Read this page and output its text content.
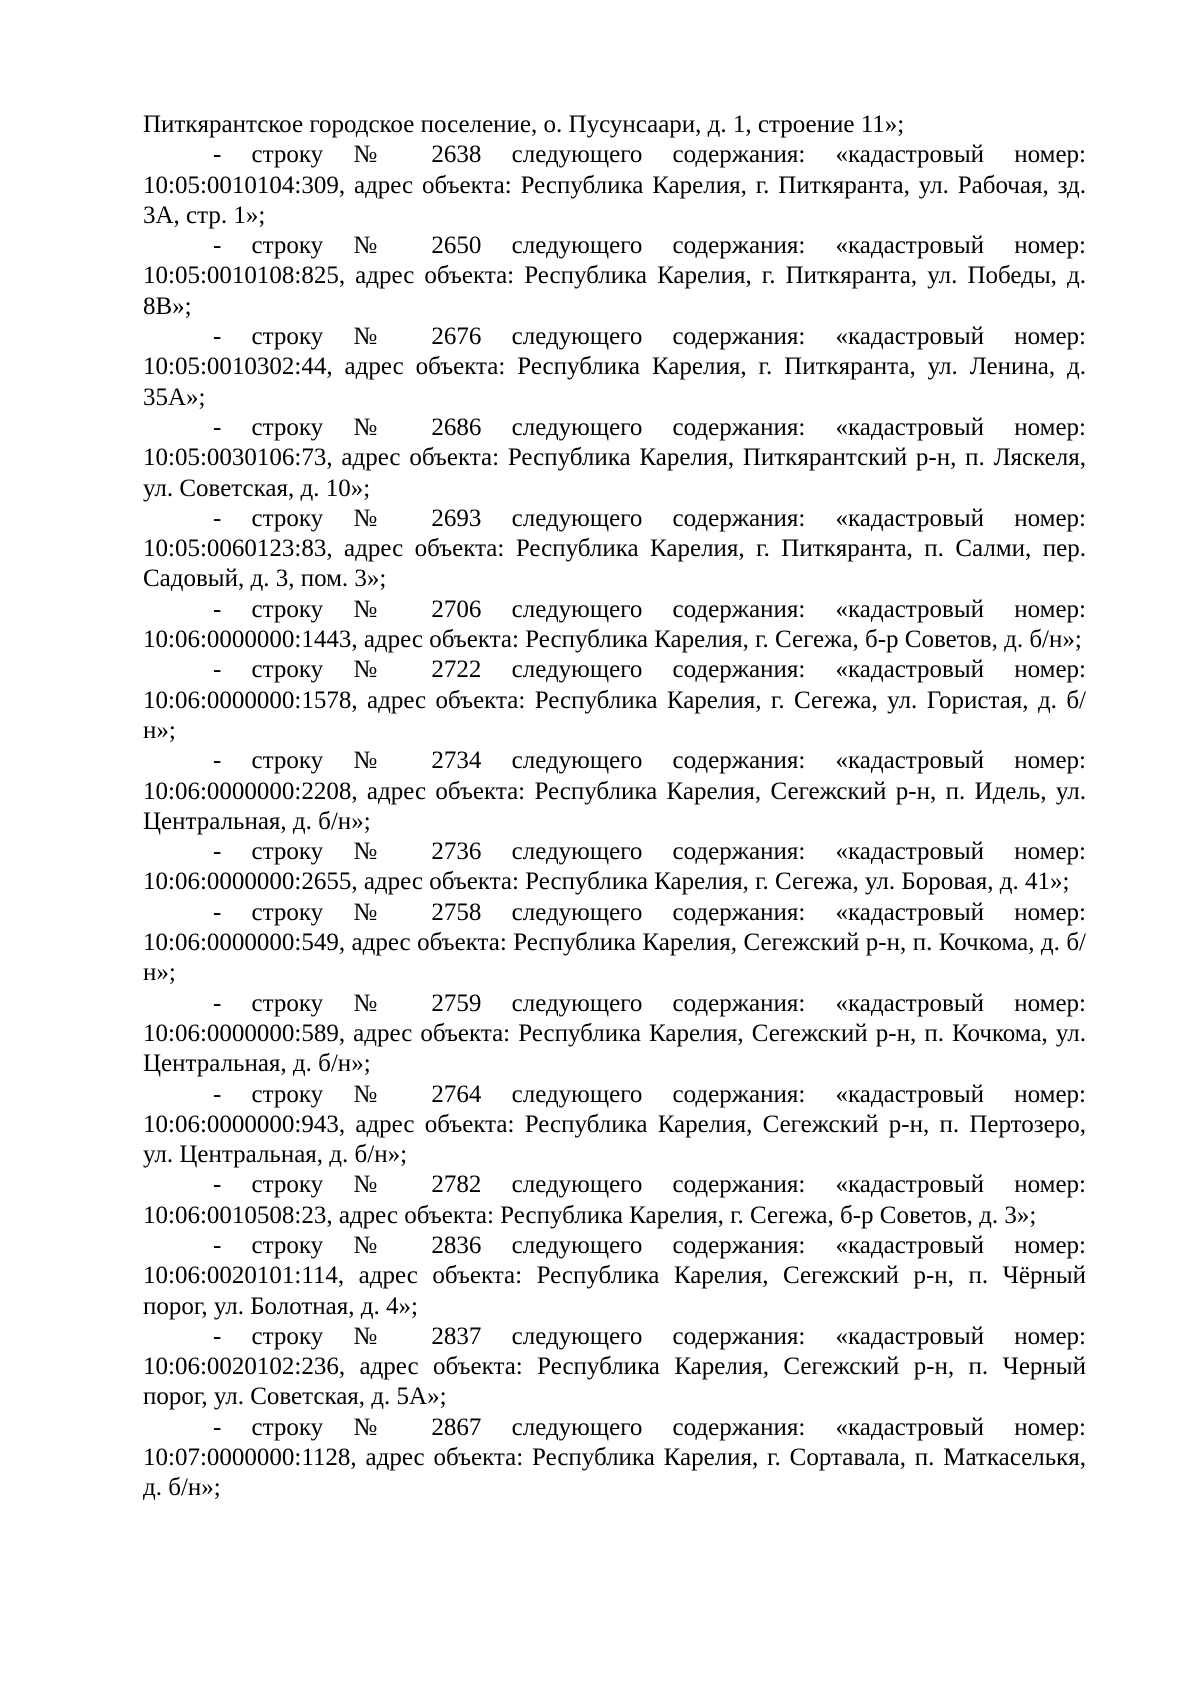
Питкярантское городское поселение, о. Пусунсаари, д. 1, строение 11»;

- строку № 2638 следующего содержания: «кадастровый номер: 10:05:0010104:309, адрес объекта: Республика Карелия, г. Питкяранта, ул. Рабочая, зд. 3А, стр. 1»;

- строку № 2650 следующего содержания: «кадастровый номер: 10:05:0010108:825, адрес объекта: Республика Карелия, г. Питкяранта, ул. Победы, д. 8В»;

- строку № 2676 следующего содержания: «кадастровый номер: 10:05:0010302:44, адрес объекта: Республика Карелия, г. Питкяранта, ул. Ленина, д. 35А»;

- строку № 2686 следующего содержания: «кадастровый номер: 10:05:0030106:73, адрес объекта: Республика Карелия, Питкярантский р-н, п. Ляскеля, ул. Советская, д. 10»;

- строку № 2693 следующего содержания: «кадастровый номер: 10:05:0060123:83, адрес объекта: Республика Карелия, г. Питкяранта, п. Салми, пер. Садовый, д. 3, пом. 3»;

- строку № 2706 следующего содержания: «кадастровый номер: 10:06:0000000:1443, адрес объекта: Республика Карелия, г. Сегежа, б-р Советов, д. б/н»;

- строку № 2722 следующего содержания: «кадастровый номер: 10:06:0000000:1578, адрес объекта: Республика Карелия, г. Сегежа, ул. Гористая, д. б/н»;

- строку № 2734 следующего содержания: «кадастровый номер: 10:06:0000000:2208, адрес объекта: Республика Карелия, Сегежский р-н, п. Идель, ул. Центральная, д. б/н»;

- строку № 2736 следующего содержания: «кадастровый номер: 10:06:0000000:2655, адрес объекта: Республика Карелия, г. Сегежа, ул. Боровая, д. 41»;

- строку № 2758 следующего содержания: «кадастровый номер: 10:06:0000000:549, адрес объекта: Республика Карелия, Сегежский р-н, п. Кочкома, д. б/н»;

- строку № 2759 следующего содержания: «кадастровый номер: 10:06:0000000:589, адрес объекта: Республика Карелия, Сегежский р-н, п. Кочкома, ул. Центральная, д. б/н»;

- строку № 2764 следующего содержания: «кадастровый номер: 10:06:0000000:943, адрес объекта: Республика Карелия, Сегежский р-н, п. Пертозеро, ул. Центральная, д. б/н»;

- строку № 2782 следующего содержания: «кадастровый номер: 10:06:0010508:23, адрес объекта: Республика Карелия, г. Сегежа, б-р Советов, д. 3»;

- строку № 2836 следующего содержания: «кадастровый номер: 10:06:0020101:114, адрес объекта: Республика Карелия, Сегежский р-н, п. Чёрный порог, ул. Болотная, д. 4»;

- строку № 2837 следующего содержания: «кадастровый номер: 10:06:0020102:236, адрес объекта: Республика Карелия, Сегежский р-н, п. Черный порог, ул. Советская, д. 5А»;

- строку № 2867 следующего содержания: «кадастровый номер: 10:07:0000000:1128, адрес объекта: Республика Карелия, г. Сортавала, п. Маткаселькя, д. б/н»;
